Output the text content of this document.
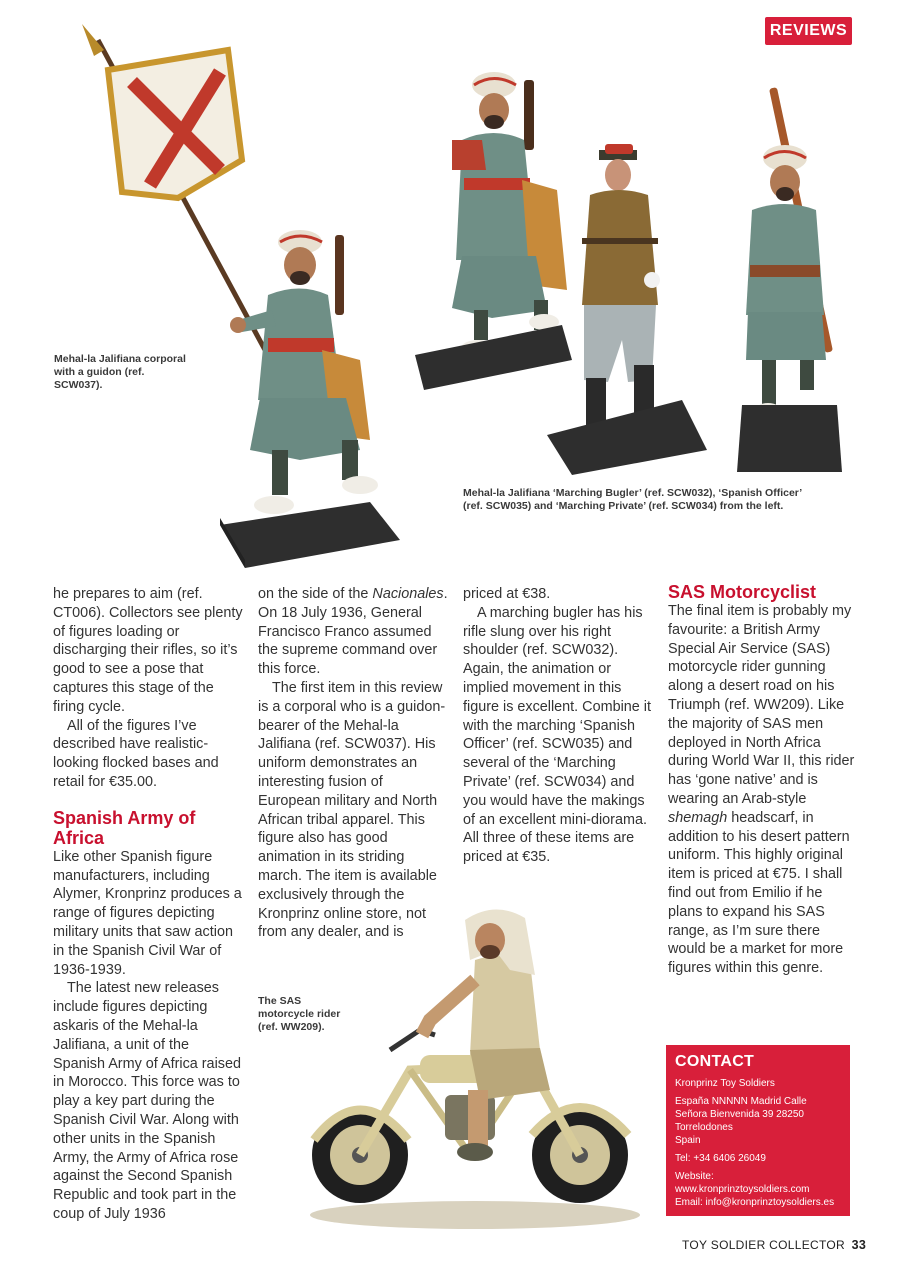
REVIEWS
Mehal-la Jalifiana corporal
with a guidon (ref.
SCW037).
Mehal-la Jalifiana ‘Marching Bugler’ (ref. SCW032), ‘Spanish Officer’
(ref. SCW035) and ‘Marching Private’ (ref. SCW034) from the left.
The SAS
motorcycle rider
(ref. WW209).

he prepares to aim (ref. CT006). Collectors see plenty of figures loading or discharging their rifles, so it’s good to see a pose that captures this stage of the firing cycle.

All of the figures I’ve described have realistic-looking flocked bases and retail for €35.00.

Spanish Army of Africa

Like other Spanish figure manufacturers, including Alymer, Kronprinz produces a range of figures depicting military units that saw action in the Spanish Civil War of 1936-1939.

The latest new releases include figures depicting askaris of the Mehal-la Jalifiana, a unit of the Spanish Army of Africa raised in Morocco. This force was to play a key part during the Spanish Civil War. Along with other units in the Spanish Army, the Army of Africa rose against the Second Spanish Republic and took part in the coup of July 1936

on the side of the Nacionales. On 18 July 1936, General Francisco Franco assumed the supreme command over this force.

The first item in this review is a corporal who is a guidon-bearer of the Mehal-la Jalifiana (ref. SCW037). His uniform demonstrates an interesting fusion of European military and North African tribal apparel. This figure also has good animation in its striding march. The item is available exclusively through the Kronprinz online store, not from any dealer, and is

priced at €38.

A marching bugler has his rifle slung over his right shoulder (ref. SCW032). Again, the animation or implied movement in this figure is excellent. Combine it with the marching ‘Spanish Officer’ (ref. SCW035) and several of the ‘Marching Private’ (ref. SCW034) and you would have the makings of an excellent mini-diorama. All three of these items are priced at €35.

SAS Motorcyclist

The final item is probably my favourite: a British Army Special Air Service (SAS) motorcycle rider gunning along a desert road on his Triumph (ref. WW209). Like the majority of SAS men deployed in North Africa during World War II, this rider has ‘gone native’ and is wearing an Arab-style shemagh headscarf, in addition to his desert pattern uniform. This highly original item is priced at €75. I shall find out from Emilio if he plans to expand his SAS range, as I’m sure there would be a market for more figures within this genre.

CONTACT

Kronprinz Toy Soldiers

España NNNNN Madrid Calle

Señora Bienvenida 39 28250

Torrelodones

Spain

Tel: +34 6406 26049

Website:

www.kronprinztoysoldiers.com

Email: info@kronprinztoysoldiers.es

TOY SOLDIER COLLECTOR 33
